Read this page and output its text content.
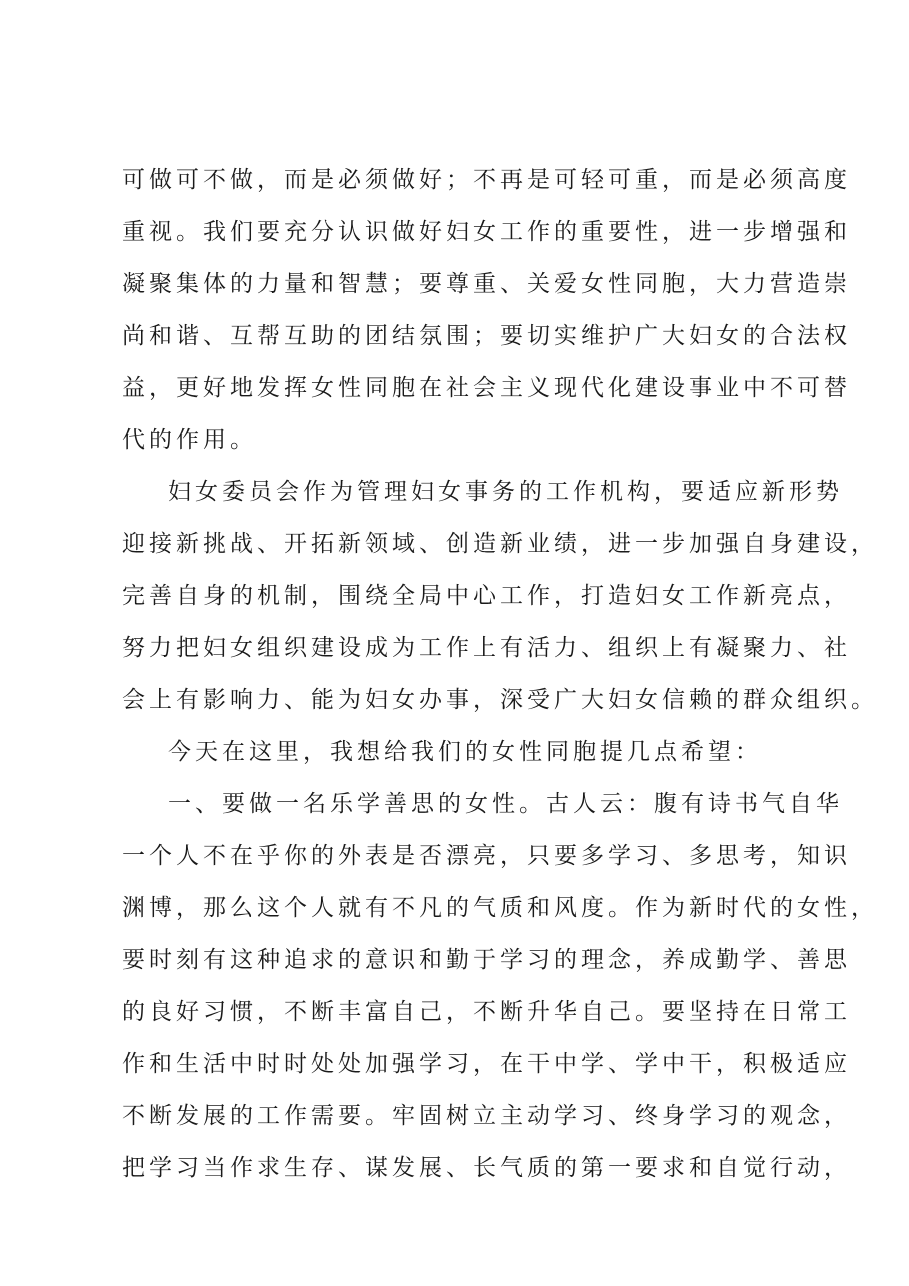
可做可不做，而是必须做好；不再是可轻可重，而是必须高度
重视。我们要充分认识做好妇女工作的重要性，进一步增强和
凝聚集体的力量和智慧；要尊重、关爱女性同胞，大力营造崇
尚和谐、互帮互助的团结氛围；要切实维护广大妇女的合法权
益，更好地发挥女性同胞在社会主义现代化建设事业中不可替
代的作用。
妇女委员会作为管理妇女事务的工作机构，要适应新形势
迎接新挑战、开拓新领域、创造新业绩，进一步加强自身建设，
完善自身的机制，围绕全局中心工作，打造妇女工作新亮点，
努力把妇女组织建设成为工作上有活力、组织上有凝聚力、社
会上有影响力、能为妇女办事，深受广大妇女信赖的群众组织。
今天在这里，我想给我们的女性同胞提几点希望：
一、要做一名乐学善思的女性。古人云：腹有诗书气自华
一个人不在乎你的外表是否漂亮，只要多学习、多思考，知识
渊博，那么这个人就有不凡的气质和风度。作为新时代的女性，
要时刻有这种追求的意识和勤于学习的理念，养成勤学、善思
的良好习惯，不断丰富自己，不断升华自己。要坚持在日常工
作和生活中时时处处加强学习，在干中学、学中干，积极适应
不断发展的工作需要。牢固树立主动学习、终身学习的观念，
把学习当作求生存、谋发展、长气质的第一要求和自觉行动，
